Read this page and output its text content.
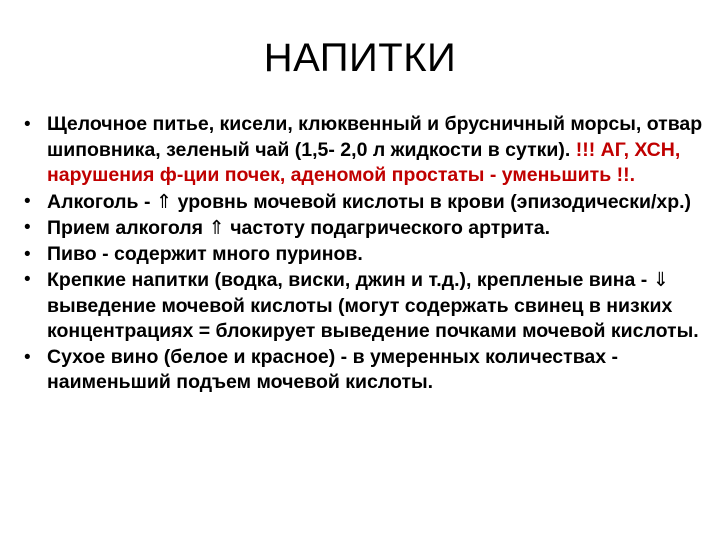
НАПИТКИ
• Щелочное питье, кисели, клюквенный и брусничный морсы, отвар шиповника, зеленый чай (1,5- 2,0 л жидкости в сутки). !!! АГ, ХСН, нарушения ф-ции почек, аденомой простаты - уменьшить !!.
• Алкоголь - ⇑ уровнь мочевой кислоты в крови (эпизодически/хр.)
• Прием алкоголя ⇑ частоту подагрического артрита.
• Пиво - содержит много пуринов.
• Крепкие напитки (водка, виски, джин и т.д.), крепленые вина - ⇓ выведение мочевой кислоты (могут содержать свинец в низких концентрациях = блокирует выведение почками мочевой кислоты.
• Сухое вино (белое и красное) - в умеренных количествах - наименьший подъем мочевой кислоты.
